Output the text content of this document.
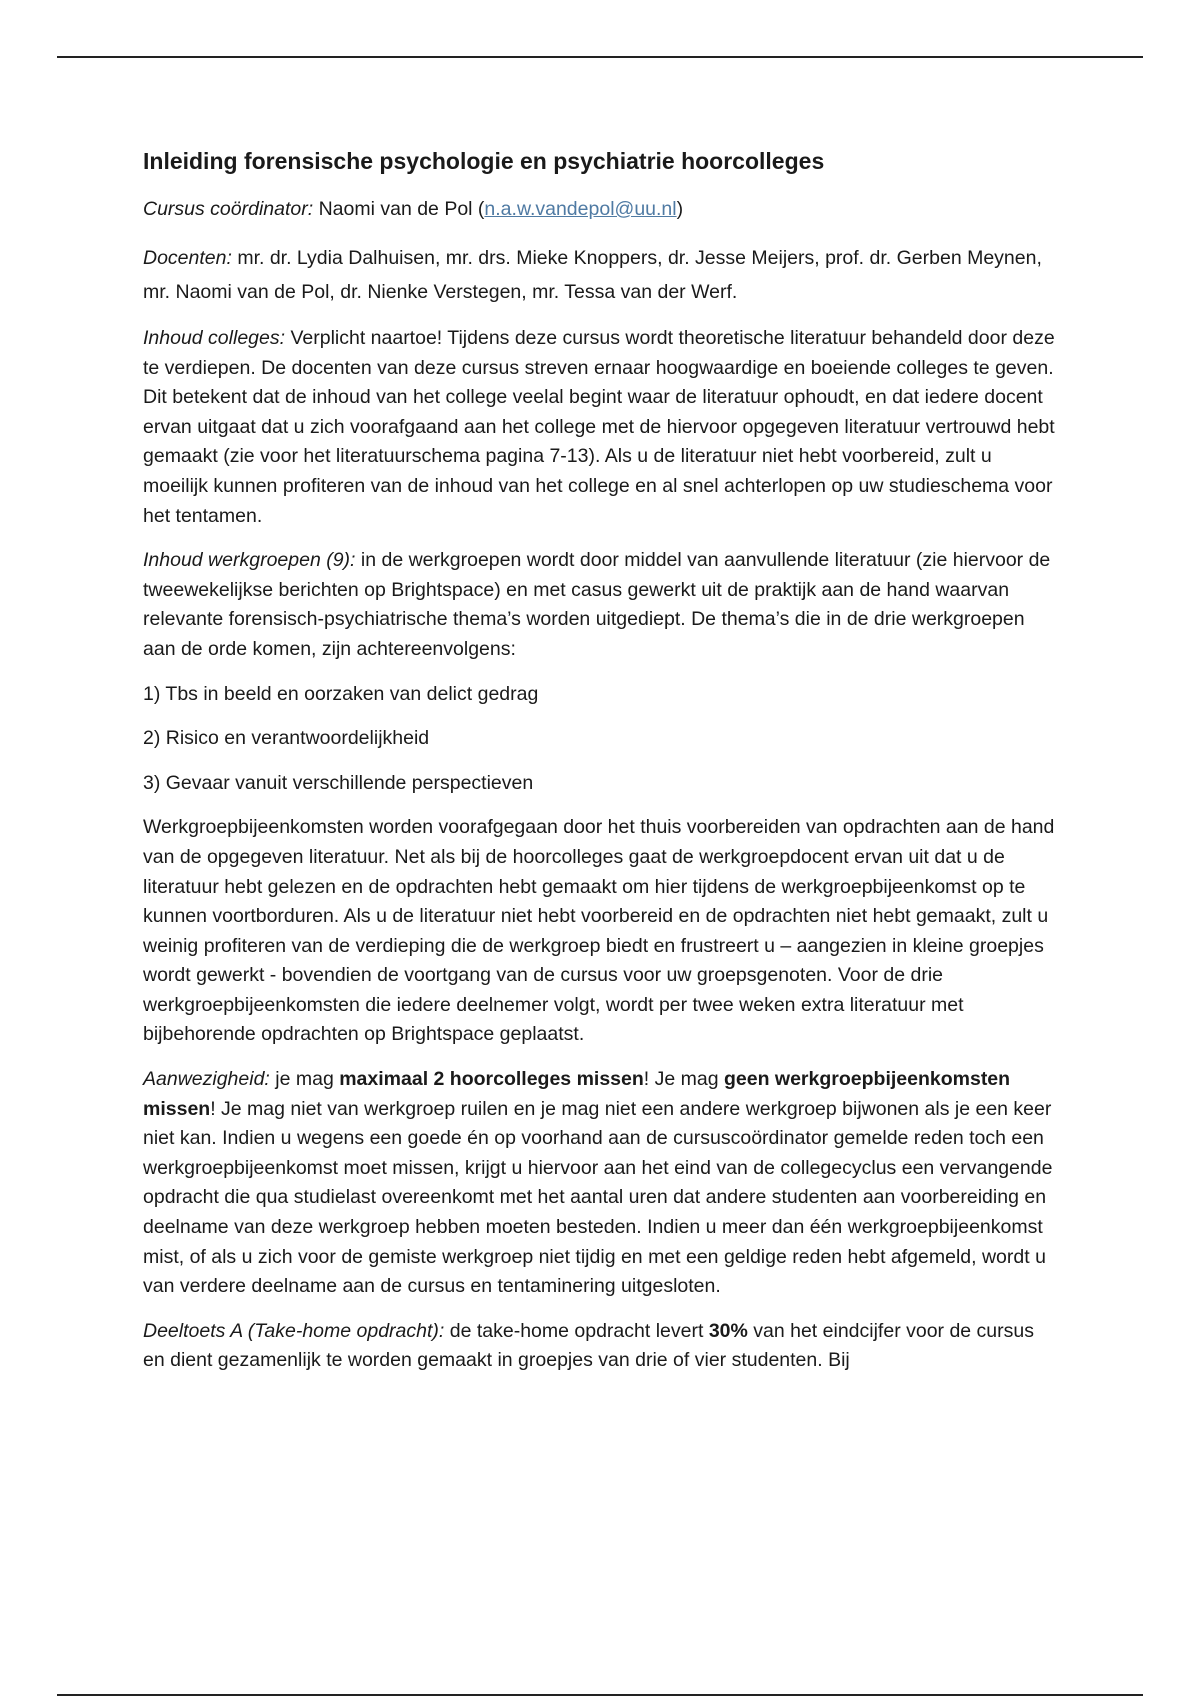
Inleiding forensische psychologie en psychiatrie hoorcolleges

Cursus coördinator: Naomi van de Pol (n.a.w.vandepol@uu.nl)

Docenten: mr. dr. Lydia Dalhuisen, mr. drs. Mieke Knoppers, dr. Jesse Meijers, prof. dr. Gerben Meynen, mr. Naomi van de Pol, dr. Nienke Verstegen, mr. Tessa van der Werf.

Inhoud colleges: Verplicht naartoe! Tijdens deze cursus wordt theoretische literatuur behandeld door deze te verdiepen. De docenten van deze cursus streven ernaar hoogwaardige en boeiende colleges te geven. Dit betekent dat de inhoud van het college veelal begint waar de literatuur ophoudt, en dat iedere docent ervan uitgaat dat u zich voorafgaand aan het college met de hiervoor opgegeven literatuur vertrouwd hebt gemaakt (zie voor het literatuurschema pagina 7-13). Als u de literatuur niet hebt voorbereid, zult u moeilijk kunnen profiteren van de inhoud van het college en al snel achterlopen op uw studieschema voor het tentamen.

Inhoud werkgroepen (9): in de werkgroepen wordt door middel van aanvullende literatuur (zie hiervoor de tweewekelijkse berichten op Brightspace) en met casus gewerkt uit de praktijk aan de hand waarvan relevante forensisch-psychiatrische thema’s worden uitgediept. De thema’s die in de drie werkgroepen aan de orde komen, zijn achtereenvolgens:

1) Tbs in beeld en oorzaken van delict gedrag
2) Risico en verantwoordelijkheid
3) Gevaar vanuit verschillende perspectieven

Werkgroepbijeenkomsten worden voorafgegaan door het thuis voorbereiden van opdrachten aan de hand van de opgegeven literatuur. Net als bij de hoorcolleges gaat de werkgroepdocent ervan uit dat u de literatuur hebt gelezen en de opdrachten hebt gemaakt om hier tijdens de werkgroepbijeenkomst op te kunnen voortborduren. Als u de literatuur niet hebt voorbereid en de opdrachten niet hebt gemaakt, zult u weinig profiteren van de verdieping die de werkgroep biedt en frustreert u – aangezien in kleine groepjes wordt gewerkt - bovendien de voortgang van de cursus voor uw groepsgenoten. Voor de drie werkgroepbijeenkomsten die iedere deelnemer volgt, wordt per twee weken extra literatuur met bijbehorende opdrachten op Brightspace geplaatst.

Aanwezigheid: je mag maximaal 2 hoorcolleges missen! Je mag geen werkgroepbijeenkomsten missen! Je mag niet van werkgroep ruilen en je mag niet een andere werkgroep bijwonen als je een keer niet kan. Indien u wegens een goede én op voorhand aan de cursuscoördinator gemelde reden toch een werkgroepbijeenkomst moet missen, krijgt u hiervoor aan het eind van de collegecyclus een vervangende opdracht die qua studielast overeenkomt met het aantal uren dat andere studenten aan voorbereiding en deelname van deze werkgroep hebben moeten besteden. Indien u meer dan één werkgroepbijeenkomst mist, of als u zich voor de gemiste werkgroep niet tijdig en met een geldige reden hebt afgemeld, wordt u van verdere deelname aan de cursus en tentaminering uitgesloten.

Deeltoets A (Take-home opdracht): de take-home opdracht levert 30% van het eindcijfer voor de cursus en dient gezamenlijk te worden gemaakt in groepjes van drie of vier studenten. Bij
